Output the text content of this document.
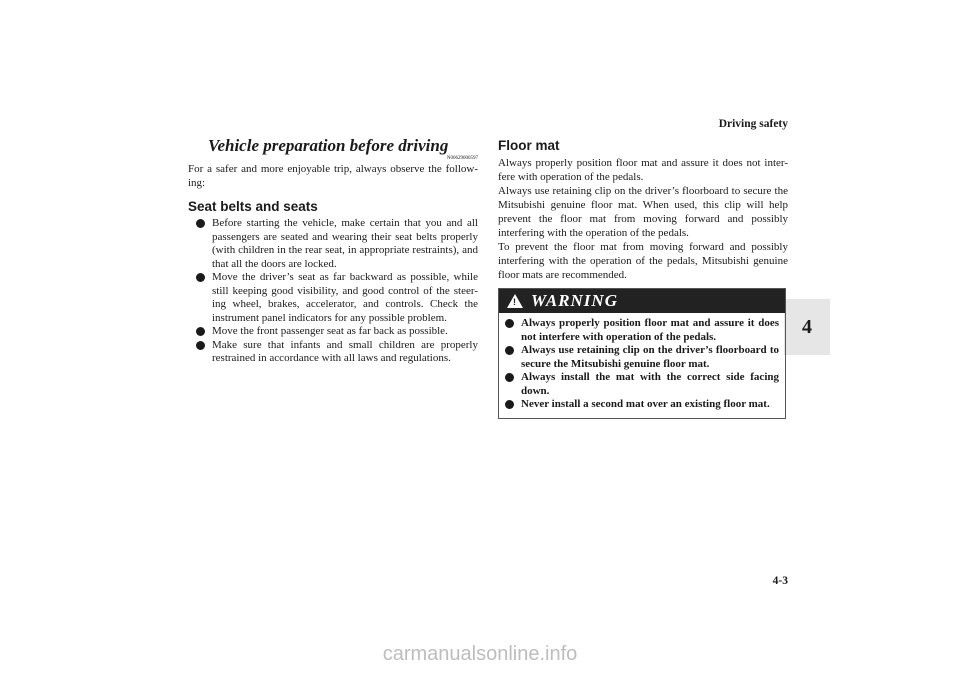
Driving safety
4
4-3
Vehicle preparation before driving
N00629000597

For a safer and more enjoyable trip, always observe the follow-ing:

Seat belts and seats
Before starting the vehicle, make certain that you and all passengers are seated and wearing their seat belts properly (with children in the rear seat, in appropriate restraints), and that all the doors are locked.
Move the driver’s seat as far backward as possible, while still keeping good visibility, and good control of the steer-ing wheel, brakes, accelerator, and controls. Check the instrument panel indicators for any possible problem.
Move the front passenger seat as far back as possible.
Make sure that infants and small children are properly restrained in accordance with all laws and regulations.
Floor mat

Always properly position floor mat and assure it does not inter-fere with operation of the pedals.

Always use retaining clip on the driver’s floorboard to secure the Mitsubishi genuine floor mat. When used, this clip will help prevent the floor mat from moving forward and possibly interfering with the operation of the pedals.

To prevent the floor mat from moving forward and possibly interfering with the operation of the pedals, Mitsubishi genuine floor mats are recommended.

! WARNING
Always properly position floor mat and assure it does not interfere with operation of the pedals.
Always use retaining clip on the driver’s floorboard to secure the Mitsubishi genuine floor mat.
Always install the mat with the correct side facing down.
Never install a second mat over an existing floor mat.
carmanualsonline.info
